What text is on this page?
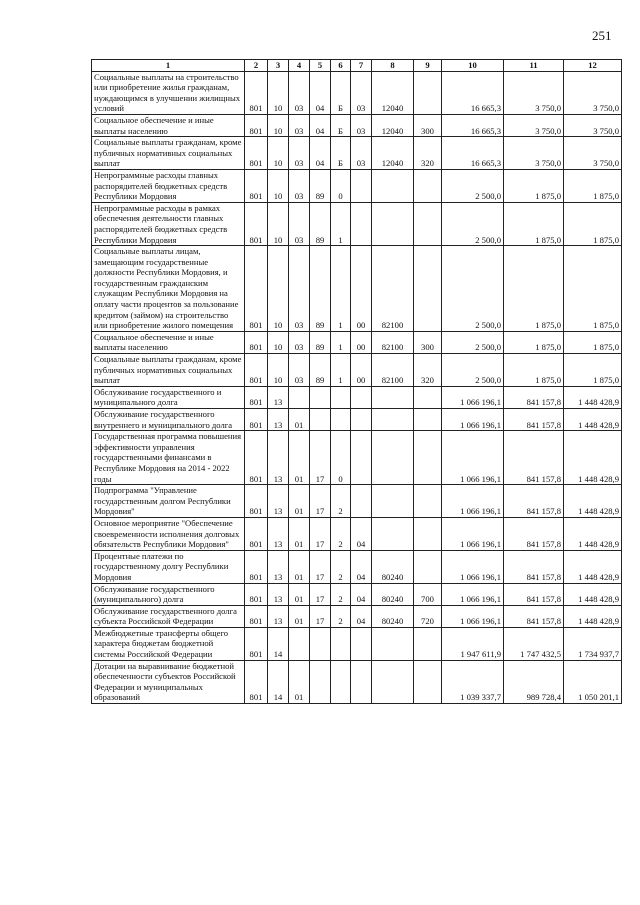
251
1	2	3	4	5	6	7	8	9	10	11	12
Социальные выплаты на строительство или приобретение жилья гражданам, нуждающимся в улучшении жилищных условий	801	10	03	04	Б	03	12040		16 665,3	3 750,0	3 750,0
Социальное обеспечение и иные выплаты населению	801	10	03	04	Б	03	12040	300	16 665,3	3 750,0	3 750,0
Социальные выплаты гражданам, кроме публичных нормативных социальных выплат	801	10	03	04	Б	03	12040	320	16 665,3	3 750,0	3 750,0
Непрограммные расходы главных распорядителей бюджетных средств Республики Мордовия	801	10	03	89	0				2 500,0	1 875,0	1 875,0
Непрограммные расходы в рамках обеспечения деятельности главных распорядителей бюджетных средств Республики Мордовия	801	10	03	89	1				2 500,0	1 875,0	1 875,0
Социальные выплаты лицам, замещающим государственные должности Республики Мордовия, и государственным гражданским служащим Республики Мордовия на оплату части процентов за пользование кредитом (займом) на строительство или приобретение жилого помещения	801	10	03	89	1	00	82100		2 500,0	1 875,0	1 875,0
Социальное обеспечение и иные выплаты населению	801	10	03	89	1	00	82100	300	2 500,0	1 875,0	1 875,0
Социальные выплаты гражданам, кроме публичных нормативных социальных выплат	801	10	03	89	1	00	82100	320	2 500,0	1 875,0	1 875,0
Обслуживание государственного и муниципального долга	801	13							1 066 196,1	841 157,8	1 448 428,9
Обслуживание государственного внутреннего и муниципального долга	801	13	01						1 066 196,1	841 157,8	1 448 428,9
Государственная программа повышения эффективности управления государственными финансами в Республике Мордовия на 2014 - 2022 годы	801	13	01	17	0				1 066 196,1	841 157,8	1 448 428,9
Подпрограмма "Управление государственным долгом Республики Мордовия"	801	13	01	17	2				1 066 196,1	841 157,8	1 448 428,9
Основное мероприятие "Обеспечение своевременности исполнения долговых обязательств Республики Мордовия"	801	13	01	17	2	04			1 066 196,1	841 157,8	1 448 428,9
Процентные платежи по государственному долгу Республики Мордовия	801	13	01	17	2	04	80240		1 066 196,1	841 157,8	1 448 428,9
Обслуживание государственного (муниципального) долга	801	13	01	17	2	04	80240	700	1 066 196,1	841 157,8	1 448 428,9
Обслуживание государственного долга субъекта Российской Федерации	801	13	01	17	2	04	80240	720	1 066 196,1	841 157,8	1 448 428,9
Межбюджетные трансферты общего характера бюджетам бюджетной системы Российской Федерации	801	14							1 947 611,9	1 747 432,5	1 734 937,7
Дотации на выравнивание бюджетной обеспеченности субъектов Российской Федерации и муниципальных образований	801	14	01						1 039 337,7	989 728,4	1 050 201,1
